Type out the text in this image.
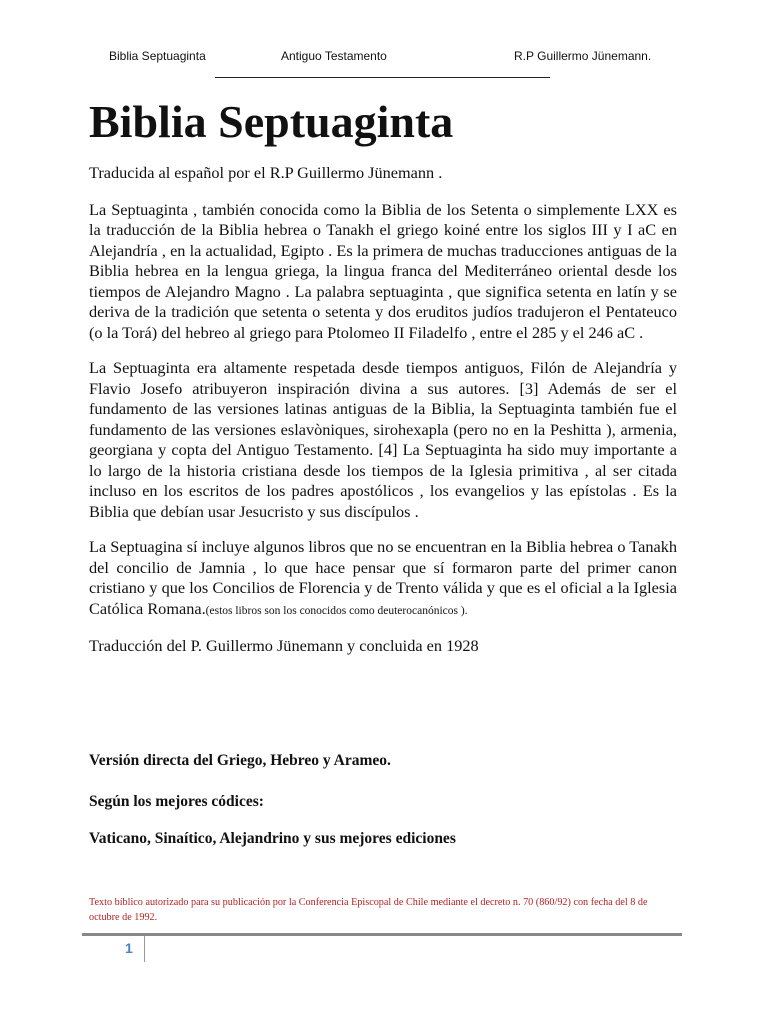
Biblia Septuaginta	Antiguo Testamento	R.P Guillermo Jünemann.
Biblia Septuaginta

Traducida al español por el R.P Guillermo Jünemann .

La Septuaginta , también conocida como la Biblia de los Setenta o simplemente LXX es la traducción de la Biblia hebrea o Tanakh el griego koiné entre los siglos III y I aC en Alejandría , en la actualidad, Egipto . Es la primera de muchas traducciones antiguas de la Biblia hebrea en la lengua griega, la lingua franca del Mediterráneo oriental desde los tiempos de Alejandro Magno . La palabra septuaginta , que significa setenta en latín y se deriva de la tradición que setenta o setenta y dos eruditos judíos tradujeron el Pentateuco (o la Torá) del hebreo al griego para Ptolomeo II Filadelfo , entre el 285 y el 246 aC .

La Septuaginta era altamente respetada desde tiempos antiguos, Filón de Alejandría y Flavio Josefo atribuyeron inspiración divina a sus autores. [3] Además de ser el fundamento de las versiones latinas antiguas de la Biblia, la Septuaginta también fue el fundamento de las versiones eslavòniques, sirohexapla (pero no en la Peshitta ), armenia, georgiana y copta del Antiguo Testamento. [4] La Septuaginta ha sido muy importante a lo largo de la historia cristiana desde los tiempos de la Iglesia primitiva , al ser citada incluso en los escritos de los padres apostólicos , los evangelios y las epístolas . Es la Biblia que debían usar Jesucristo y sus discípulos .

La Septuagina sí incluye algunos libros que no se encuentran en la Biblia hebrea o Tanakh del concilio de Jamnia , lo que hace pensar que sí formaron parte del primer canon cristiano y que los Concilios de Florencia y de Trento válida y que es el oficial a la Iglesia Católica Romana.(estos libros son los conocidos como deuterocanónicos ).

Traducción del P. Guillermo Jünemann y concluida en 1928

Versión directa del Griego, Hebreo y Arameo.

Según los mejores códices:

Vaticano, Sinaítico, Alejandrino y sus mejores ediciones

Texto bíblico autorizado para su publicación por la Conferencia Episcopal de Chile mediante el decreto n. 70 (860/92) con fecha del 8 de octubre de 1992.

1
